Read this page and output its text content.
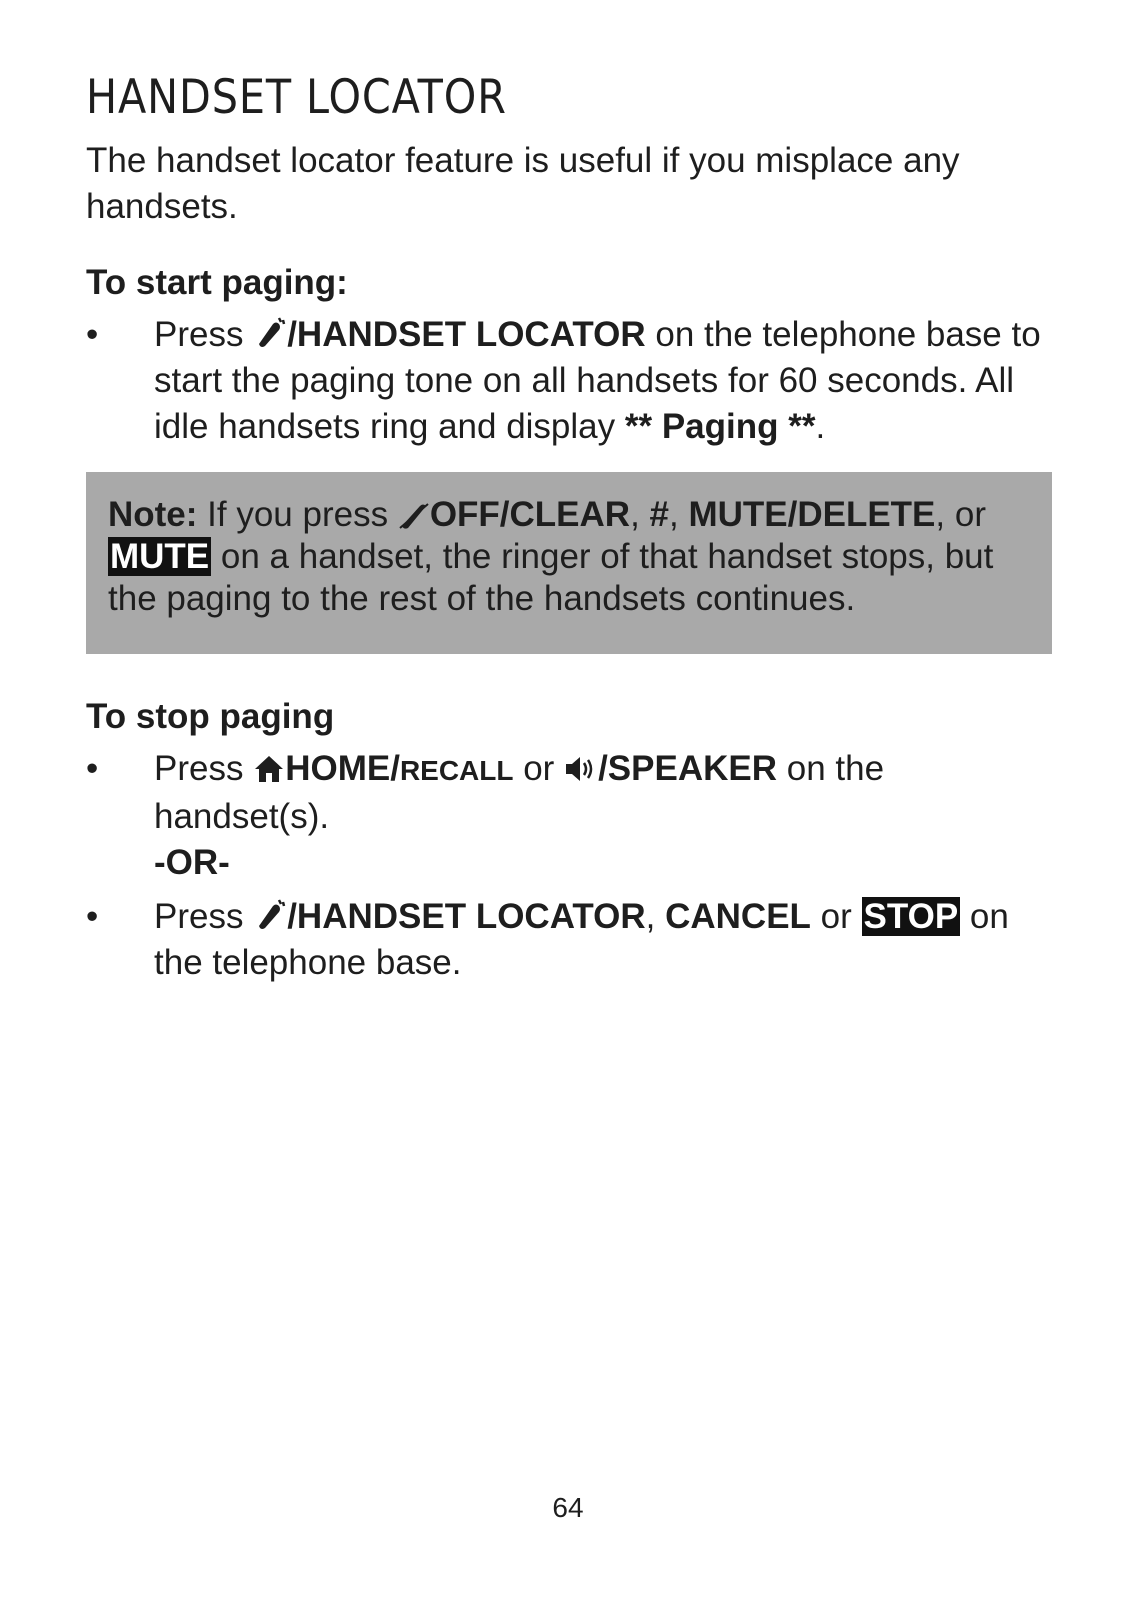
HANDSET LOCATOR

The handset locator feature is useful if you misplace any handsets.

To start paging:
• Press /HANDSET LOCATOR on the telephone base to start the paging tone on all handsets for 60 seconds. All idle handsets ring and display ** Paging **.
Note: If you press OFF/CLEAR, #, MUTE/DELETE, or MUTE on a handset, the ringer of that handset stops, but the paging to the rest of the handsets continues.
To stop paging
• Press HOME/RECALL or /SPEAKER on the handset(s).
-OR-
• Press /HANDSET LOCATOR, CANCEL or STOP on the telephone base.
64
